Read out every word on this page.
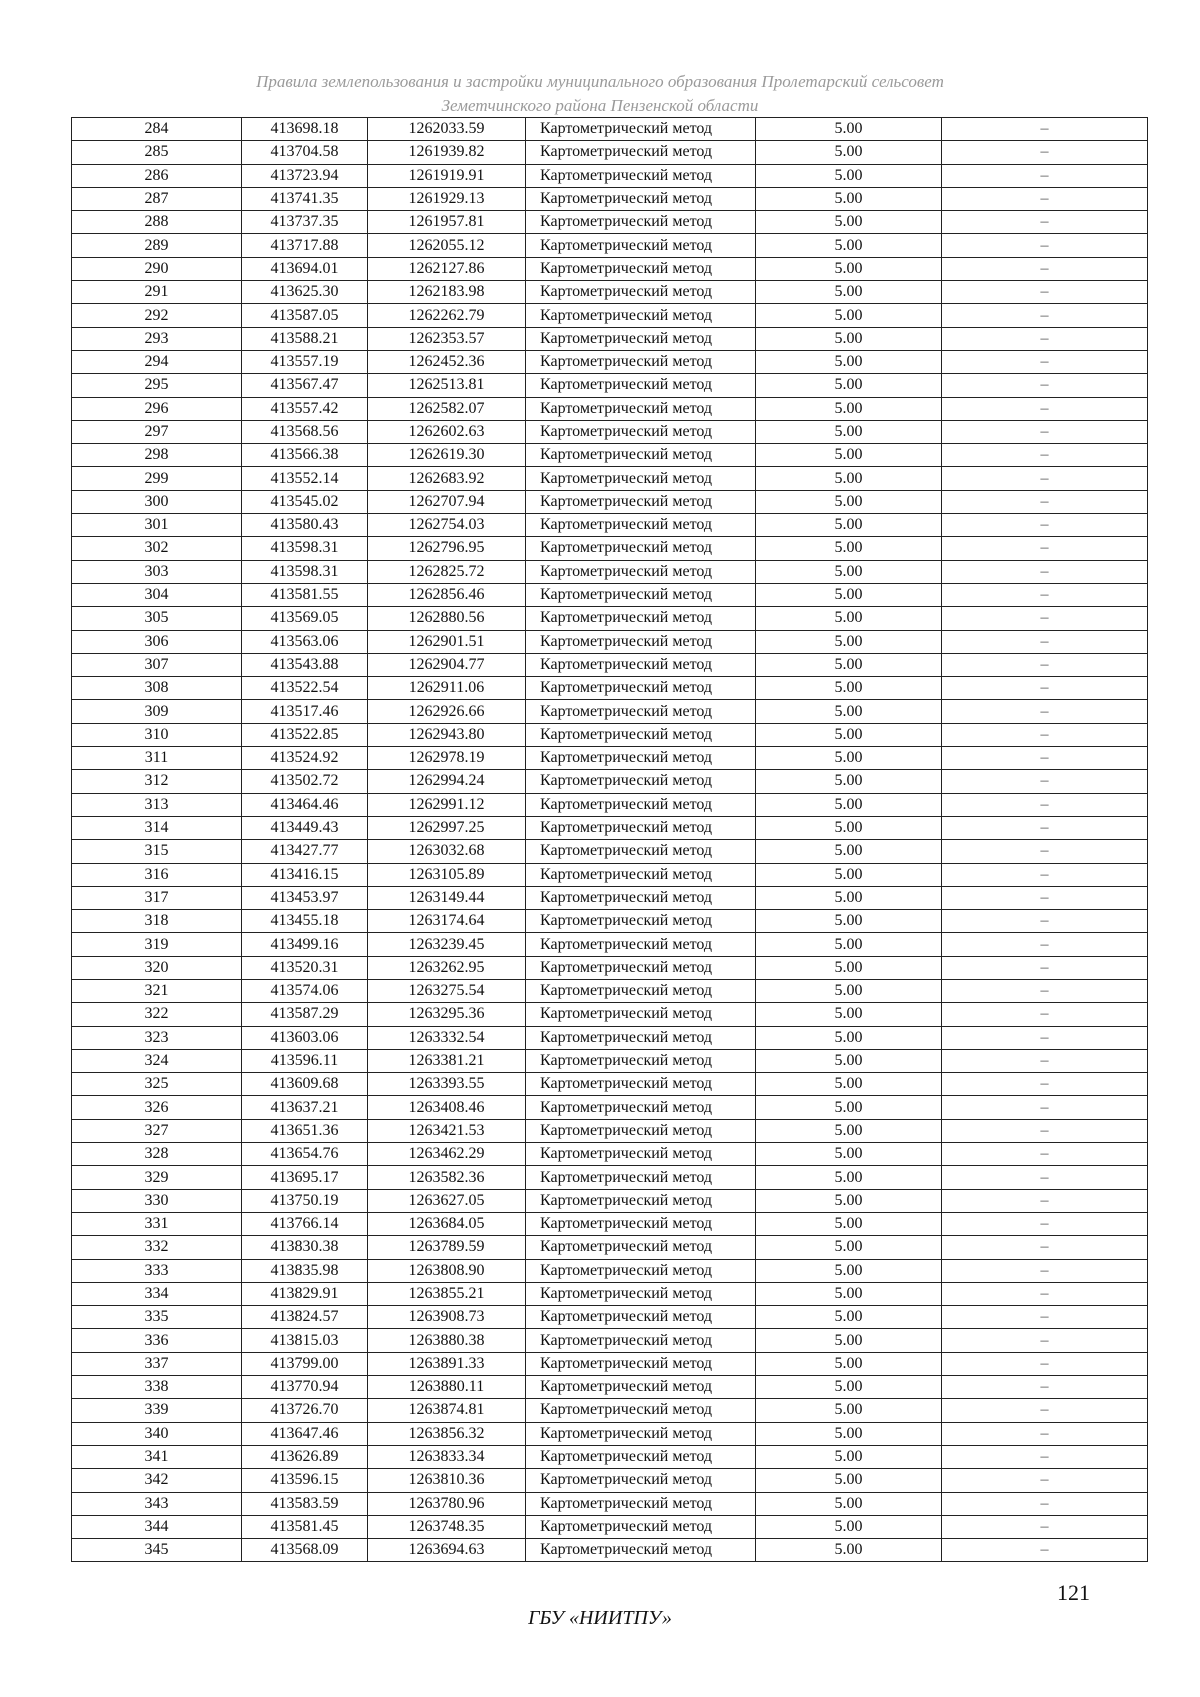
Правила землепользования и застройки муниципального образования Пролетарский сельсовет
Земетчинского района Пензенской области
284	413698.18	1262033.59	Картометрический метод	5.00	–
285	413704.58	1261939.82	Картометрический метод	5.00	–
286	413723.94	1261919.91	Картометрический метод	5.00	–
287	413741.35	1261929.13	Картометрический метод	5.00	–
288	413737.35	1261957.81	Картометрический метод	5.00	–
289	413717.88	1262055.12	Картометрический метод	5.00	–
290	413694.01	1262127.86	Картометрический метод	5.00	–
291	413625.30	1262183.98	Картометрический метод	5.00	–
292	413587.05	1262262.79	Картометрический метод	5.00	–
293	413588.21	1262353.57	Картометрический метод	5.00	–
294	413557.19	1262452.36	Картометрический метод	5.00	–
295	413567.47	1262513.81	Картометрический метод	5.00	–
296	413557.42	1262582.07	Картометрический метод	5.00	–
297	413568.56	1262602.63	Картометрический метод	5.00	–
298	413566.38	1262619.30	Картометрический метод	5.00	–
299	413552.14	1262683.92	Картометрический метод	5.00	–
300	413545.02	1262707.94	Картометрический метод	5.00	–
301	413580.43	1262754.03	Картометрический метод	5.00	–
302	413598.31	1262796.95	Картометрический метод	5.00	–
303	413598.31	1262825.72	Картометрический метод	5.00	–
304	413581.55	1262856.46	Картометрический метод	5.00	–
305	413569.05	1262880.56	Картометрический метод	5.00	–
306	413563.06	1262901.51	Картометрический метод	5.00	–
307	413543.88	1262904.77	Картометрический метод	5.00	–
308	413522.54	1262911.06	Картометрический метод	5.00	–
309	413517.46	1262926.66	Картометрический метод	5.00	–
310	413522.85	1262943.80	Картометрический метод	5.00	–
311	413524.92	1262978.19	Картометрический метод	5.00	–
312	413502.72	1262994.24	Картометрический метод	5.00	–
313	413464.46	1262991.12	Картометрический метод	5.00	–
314	413449.43	1262997.25	Картометрический метод	5.00	–
315	413427.77	1263032.68	Картометрический метод	5.00	–
316	413416.15	1263105.89	Картометрический метод	5.00	–
317	413453.97	1263149.44	Картометрический метод	5.00	–
318	413455.18	1263174.64	Картометрический метод	5.00	–
319	413499.16	1263239.45	Картометрический метод	5.00	–
320	413520.31	1263262.95	Картометрический метод	5.00	–
321	413574.06	1263275.54	Картометрический метод	5.00	–
322	413587.29	1263295.36	Картометрический метод	5.00	–
323	413603.06	1263332.54	Картометрический метод	5.00	–
324	413596.11	1263381.21	Картометрический метод	5.00	–
325	413609.68	1263393.55	Картометрический метод	5.00	–
326	413637.21	1263408.46	Картометрический метод	5.00	–
327	413651.36	1263421.53	Картометрический метод	5.00	–
328	413654.76	1263462.29	Картометрический метод	5.00	–
329	413695.17	1263582.36	Картометрический метод	5.00	–
330	413750.19	1263627.05	Картометрический метод	5.00	–
331	413766.14	1263684.05	Картометрический метод	5.00	–
332	413830.38	1263789.59	Картометрический метод	5.00	–
333	413835.98	1263808.90	Картометрический метод	5.00	–
334	413829.91	1263855.21	Картометрический метод	5.00	–
335	413824.57	1263908.73	Картометрический метод	5.00	–
336	413815.03	1263880.38	Картометрический метод	5.00	–
337	413799.00	1263891.33	Картометрический метод	5.00	–
338	413770.94	1263880.11	Картометрический метод	5.00	–
339	413726.70	1263874.81	Картометрический метод	5.00	–
340	413647.46	1263856.32	Картометрический метод	5.00	–
341	413626.89	1263833.34	Картометрический метод	5.00	–
342	413596.15	1263810.36	Картометрический метод	5.00	–
343	413583.59	1263780.96	Картометрический метод	5.00	–
344	413581.45	1263748.35	Картометрический метод	5.00	–
345	413568.09	1263694.63	Картометрический метод	5.00	–
121
ГБУ «НИИТПУ»
